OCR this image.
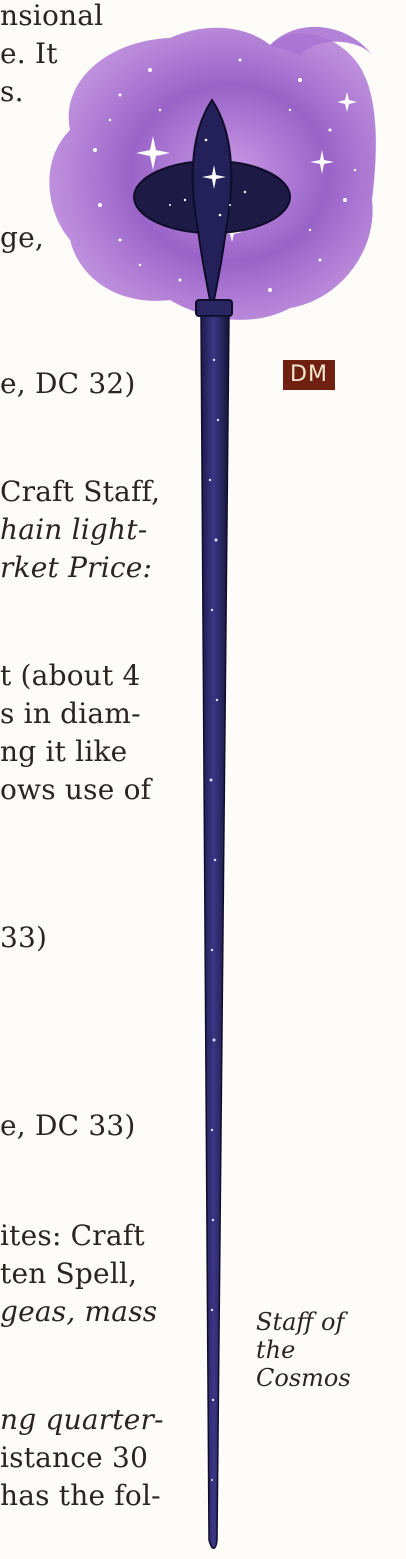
nsional
e. It
s.
ge,
e, DC 32)
Craft Staff,
hain light-
rket Price:
t (about 4
s in diam-
ng it like
ows use of
33)
e, DC 33)
ites: Craft
ten Spell,
geas, mass
ng quarter-
istance 30
has the fol-
DM
Staff of
the Cosmos
